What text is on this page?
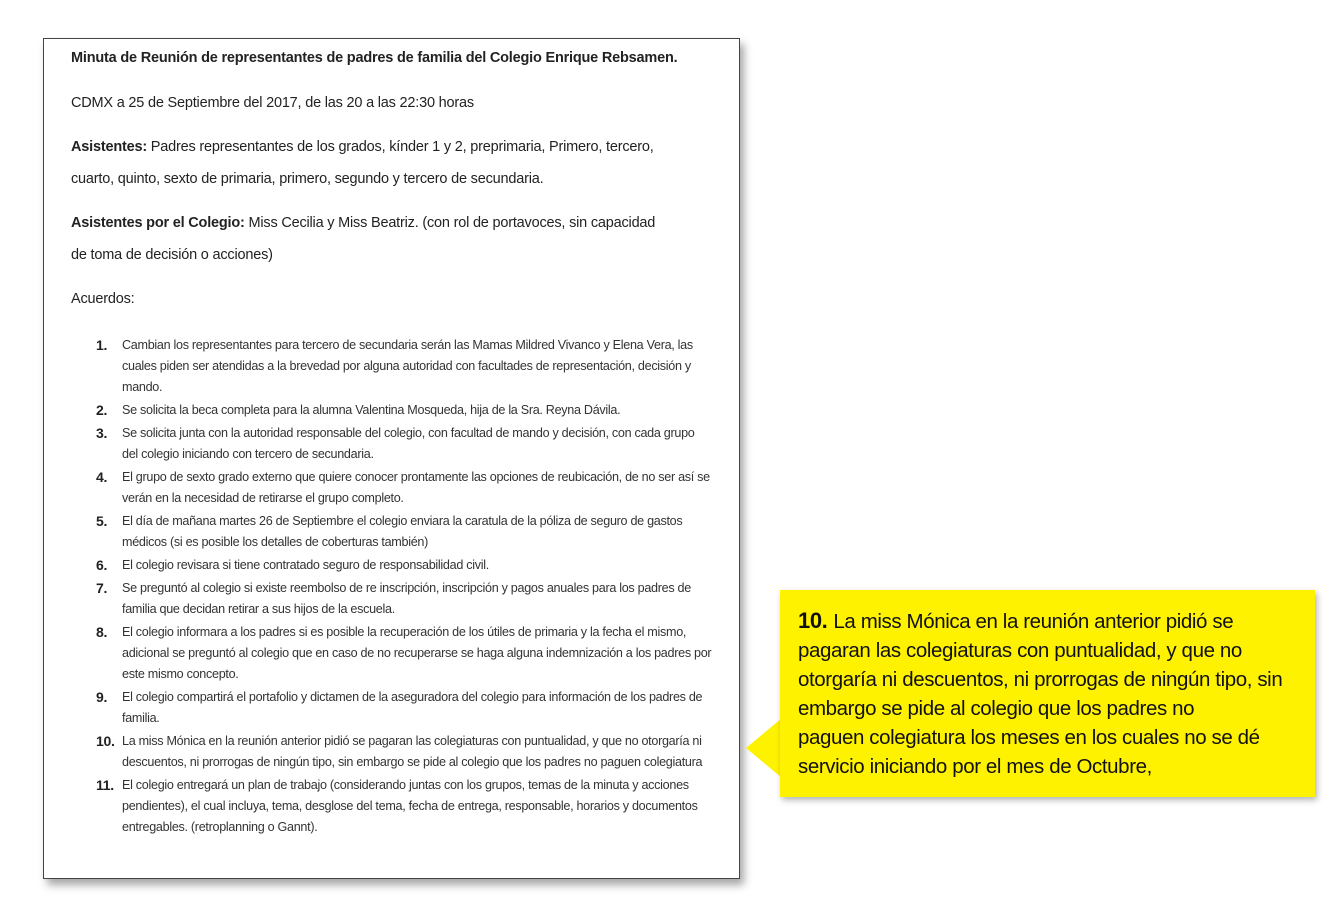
Minuta de Reunión de representantes de padres de familia del Colegio Enrique Rebsamen.
CDMX a 25 de Septiembre del 2017, de las 20 a las 22:30 horas
Asistentes: Padres representantes de los grados, kínder 1 y 2, preprimaria, Primero, tercero,
cuarto, quinto, sexto de primaria, primero, segundo y tercero de secundaria.
Asistentes por el Colegio: Miss Cecilia y Miss Beatriz. (con rol de portavoces, sin capacidad
de toma de decisión o acciones)
Acuerdos:
1. Cambian los representantes para tercero de secundaria serán las Mamas Mildred Vivanco y Elena Vera, las cuales piden ser atendidas a la brevedad por alguna autoridad con facultades de representación, decisión y mando.
2. Se solicita la beca completa para la alumna Valentina Mosqueda, hija de la Sra. Reyna Dávila.
3. Se solicita junta con la autoridad responsable del colegio, con facultad de mando y decisión, con cada grupo del colegio iniciando con tercero de secundaria.
4. El grupo de sexto grado externo que quiere conocer prontamente las opciones de reubicación, de no ser así se verán en la necesidad de retirarse el grupo completo.
5. El día de mañana martes 26 de Septiembre el colegio enviara la caratula de la póliza de seguro de gastos médicos (si es posible los detalles de coberturas también)
6. El colegio revisara si tiene contratado seguro de responsabilidad civil.
7. Se preguntó al colegio si existe reembolso de re inscripción, inscripción y pagos anuales para los padres de familia que decidan retirar a sus hijos de la escuela.
8. El colegio informara a los padres si es posible la recuperación de los útiles de primaria y la fecha el mismo, adicional se preguntó al colegio que en caso de no recuperarse se haga alguna indemnización a los padres por este mismo concepto.
9. El colegio compartirá el portafolio y dictamen de la aseguradora del colegio para información de los padres de familia.
10. La miss Mónica en la reunión anterior pidió se pagaran las colegiaturas con puntualidad, y que no otorgaría ni descuentos, ni prorrogas de ningún tipo, sin embargo se pide al colegio que los padres no paguen colegiatura
11. El colegio entregará un plan de trabajo (considerando juntas con los grupos, temas de la minuta y acciones pendientes), el cual incluya, tema, desglose del tema, fecha de entrega, responsable, horarios y documentos entregables. (retroplanning o Gannt).
10. La miss Mónica en la reunión anterior pidió se pagaran las colegiaturas con puntualidad, y que no
otorgaría ni descuentos, ni prorrogas de ningún tipo, sin embargo se pide al colegio que los padres no
paguen colegiatura los meses en los cuales no se dé servicio iniciando por el mes de Octubre,
